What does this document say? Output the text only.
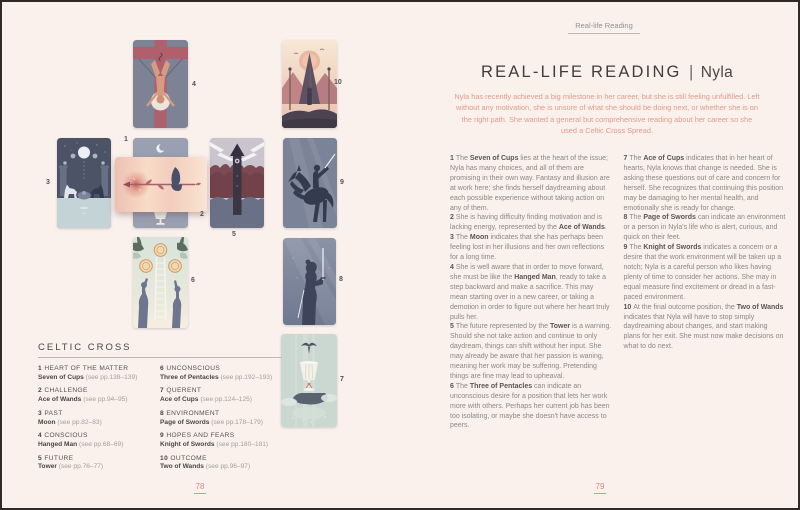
1
2
3
4
5
6
7
8
9
10
CELTIC CROSS
1 HEART OF THE MATTER
Seven of Cups (see pp.138–139)
2 CHALLENGE
Ace of Wands (see pp.94–95)
3 PAST
Moon (see pp.82–83)
4 CONSCIOUS
Hanged Man (see pp.68–69)
5 FUTURE
Tower (see pp.76–77)
6 UNCONSCIOUS
Three of Pentacles (see pp.192–193)
7 QUERENT
Ace of Cups (see pp.124–125)
8 ENVIRONMENT
Page of Swords (see pp.178–179)
9 HOPES AND FEARS
Knight of Swords (see pp.180–181)
10 OUTCOME
Two of Wands (see pp.96–97)
78
Real-life Reading
REAL-LIFE READING | Nyla
Nyla has recently achieved a big milestone in her career, but she is still feeling unfulfilled. Left without any motivation, she is unsure of what she should be doing next, or whether she is on the right path. She wanted a general but comprehensive reading about her career so she used a Celtic Cross Spread.

1 The Seven of Cups lies at the heart of the issue; Nyla has many choices, and all of them are promising in their own way. Fantasy and illusion are at work here; she finds herself daydreaming about each possible experience without taking action on any of them.

2 She is having difficulty finding motivation and is lacking energy, represented by the Ace of Wands.

3 The Moon indicates that she has perhaps been feeling lost in her illusions and her own reflections for a long time.

4 She is well aware that in order to move forward, she must be like the Hanged Man, ready to take a step backward and make a sacrifice. This may mean starting over in a new career, or taking a demotion in order to figure out where her heart truly pulls her.

5 The future represented by the Tower is a warning. Should she not take action and continue to only daydream, things can shift without her input. She may already be aware that her passion is waning, meaning her work may be suffering. Pretending things are fine may lead to upheaval.

6 The Three of Pentacles can indicate an unconscious desire for a position that lets her work more with others. Perhaps her current job has been too isolating, or maybe she doesn't have access to peers.

7 The Ace of Cups indicates that in her heart of hearts, Nyla knows that change is needed. She is asking these questions out of care and concern for herself. She recognizes that continuing this position may be damaging to her mental health, and emotionally she is ready for change.

8 The Page of Swords can indicate an environment or a person in Nyla's life who is alert, curious, and quick on their feet.

9 The Knight of Swords indicates a concern or a desire that the work environment will be taken up a notch; Nyla is a careful person who likes having plenty of time to consider her actions. She may in equal measure find excitement or dread in a fast-paced environment.

10 At the final outcome position, the Two of Wands indicates that Nyla will have to stop simply daydreaming about changes, and start making plans for her exit. She must now make decisions on what to do next.

79
